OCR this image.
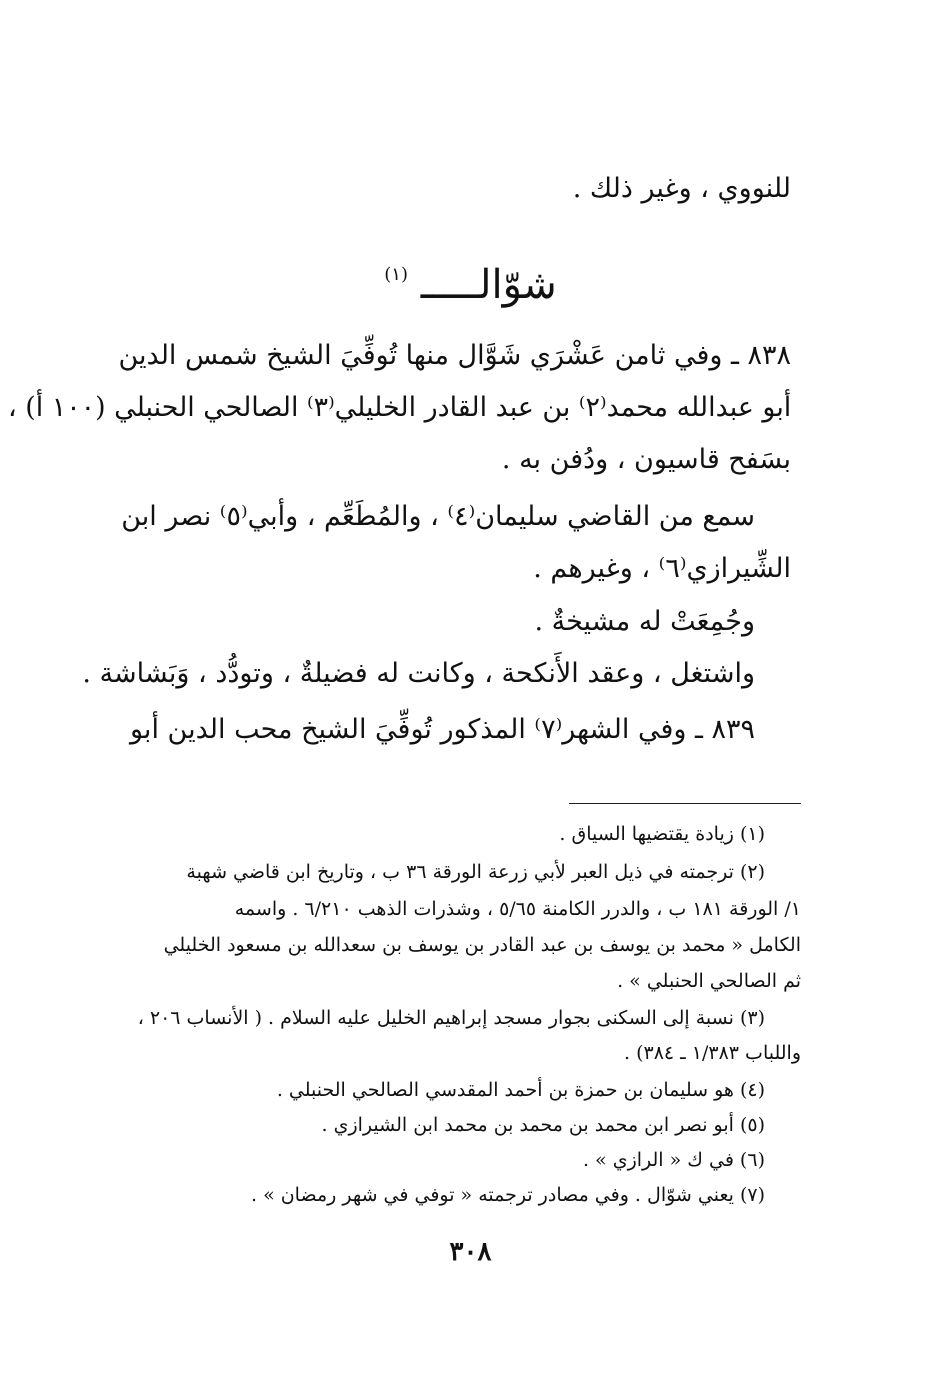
للنووي ، وغير ذلك .
شوّالـــــ $^{(١)}$
٨٣٨ ـ وفي ثامن عَشْرَي شَوَّال منها تُوفِّيَ الشيخ شمس الدين
أبو عبدالله محمد⁽٢⁾ بن عبد القادر الخليلي⁽٣⁾ الصالحي الحنبلي (١٠٠ أ) ،
بسَفح قاسيون ، ودُفن به .
سمع من القاضي سليمان⁽٤⁾ ، والمُطَعِّم ، وأبي⁽٥⁾ نصر ابن
الشِّيرازي⁽٦⁾ ، وغيرهم .
وجُمِعَتْ له مشيخةٌ .
واشتغل ، وعقد الأَنكحة ، وكانت له فضيلةٌ ، وتودُّد ، وَبَشاشة .
٨٣٩ ـ وفي الشهر⁽٧⁾ المذكور تُوفِّيَ الشيخ محب الدين أبو
(١) زيادة يقتضيها السياق .
(٢) ترجمته في ذيل العبر لأبي زرعة الورقة ٣٦ ب ، وتاريخ ابن قاضي شهبة
١/ الورقة ١٨١ ب ، والدرر الكامنة ٥/٦٥ ، وشذرات الذهب ٦/٢١٠ . واسمه
الكامل « محمد بن يوسف بن عبد القادر بن يوسف بن سعدالله بن مسعود الخليلي
ثم الصالحي الحنبلي » .
(٣) نسبة إلى السكنى بجوار مسجد إبراهيم الخليل عليه السلام . ( الأنساب ٢٠٦ ،
واللباب ١/٣٨٣ ـ ٣٨٤) .
(٤) هو سليمان بن حمزة بن أحمد المقدسي الصالحي الحنبلي .
(٥) أبو نصر ابن محمد بن محمد بن محمد ابن الشيرازي .
(٦) في ك « الرازي » .
(٧) يعني شوّال . وفي مصادر ترجمته « توفي في شهر رمضان » .
٣٠٨
